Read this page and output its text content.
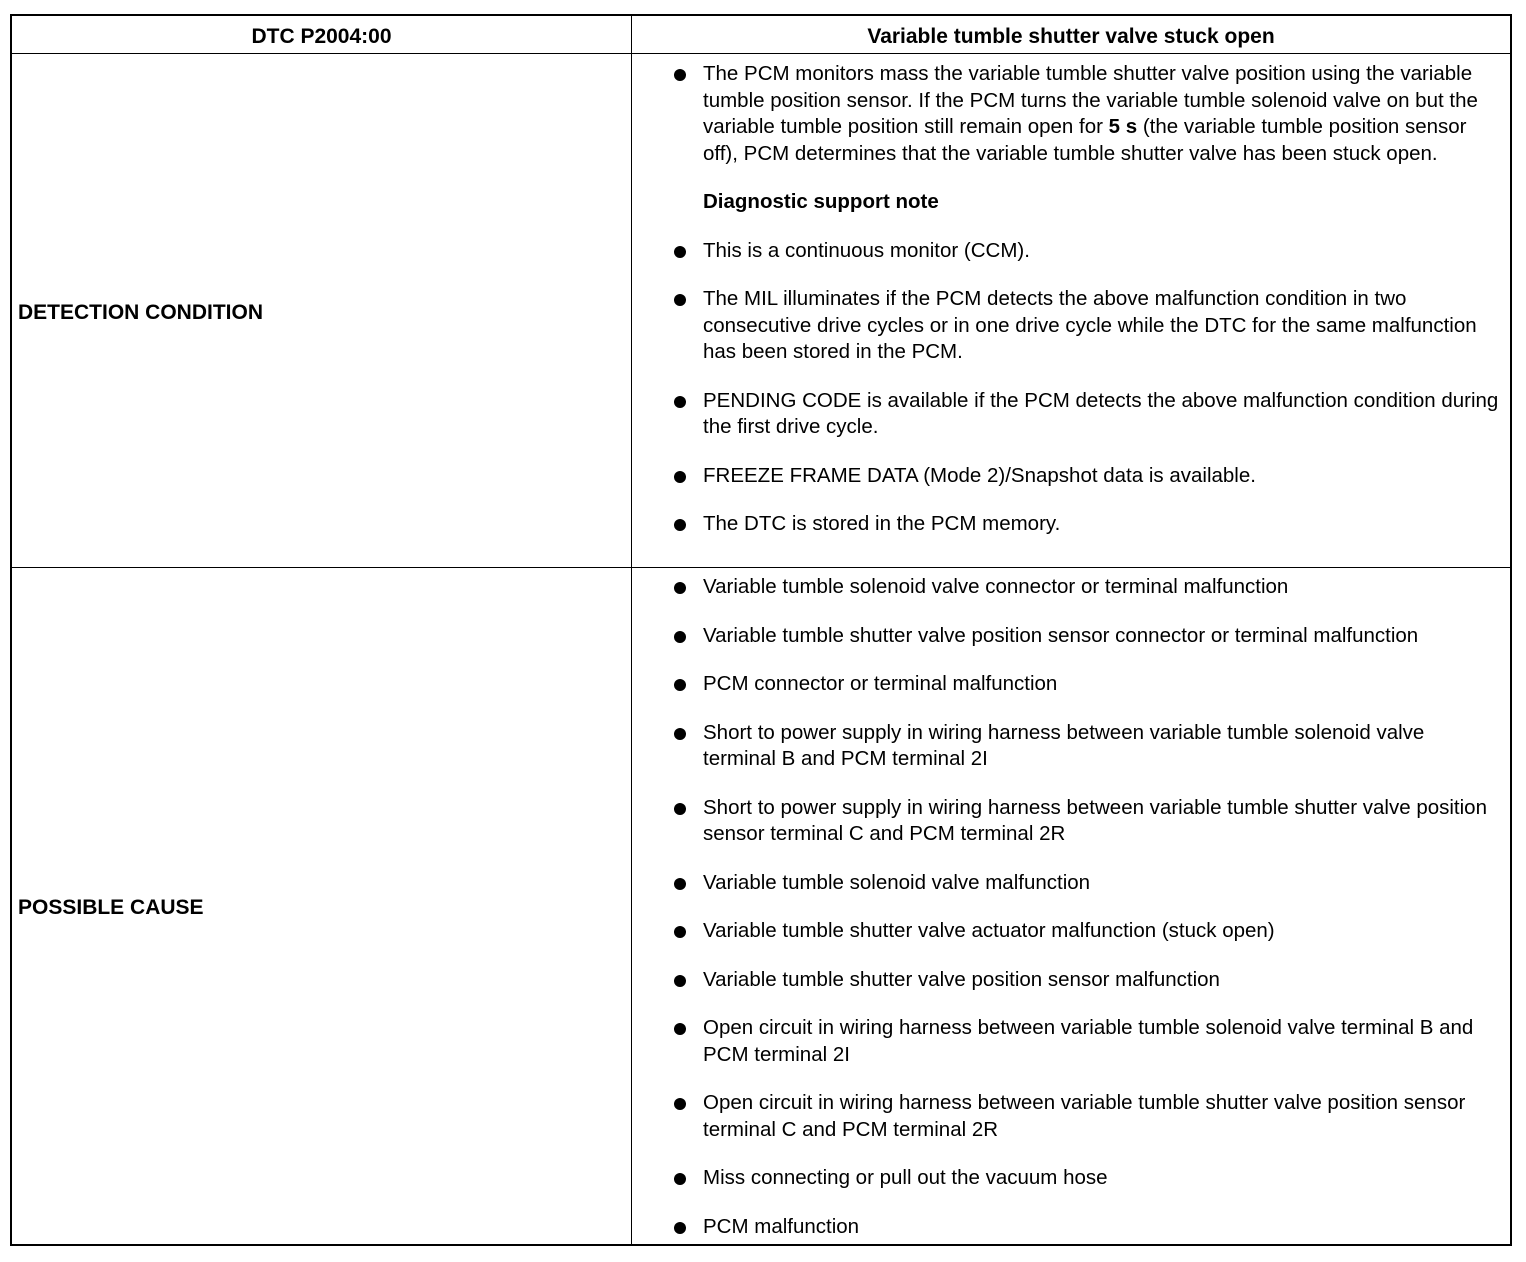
DTC P2004:00	Variable tumble shutter valve stuck open
DETECTION CONDITION
The PCM monitors mass the variable tumble shutter valve position using the variable tumble position sensor. If the PCM turns the variable tumble solenoid valve on but the variable tumble position still remain open for 5 s (the variable tumble position sensor off), PCM determines that the variable tumble shutter valve has been stuck open.
Diagnostic support note
This is a continuous monitor (CCM).
The MIL illuminates if the PCM detects the above malfunction condition in two consecutive drive cycles or in one drive cycle while the DTC for the same malfunction has been stored in the PCM.
PENDING CODE is available if the PCM detects the above malfunction condition during the first drive cycle.
FREEZE FRAME DATA (Mode 2)/Snapshot data is available.
The DTC is stored in the PCM memory.
POSSIBLE CAUSE
Variable tumble solenoid valve connector or terminal malfunction
Variable tumble shutter valve position sensor connector or terminal malfunction
PCM connector or terminal malfunction
Short to power supply in wiring harness between variable tumble solenoid valve terminal B and PCM terminal 2I
Short to power supply in wiring harness between variable tumble shutter valve position sensor terminal C and PCM terminal 2R
Variable tumble solenoid valve malfunction
Variable tumble shutter valve actuator malfunction (stuck open)
Variable tumble shutter valve position sensor malfunction
Open circuit in wiring harness between variable tumble solenoid valve terminal B and PCM terminal 2I
Open circuit in wiring harness between variable tumble shutter valve position sensor terminal C and PCM terminal 2R
Miss connecting or pull out the vacuum hose
PCM malfunction
